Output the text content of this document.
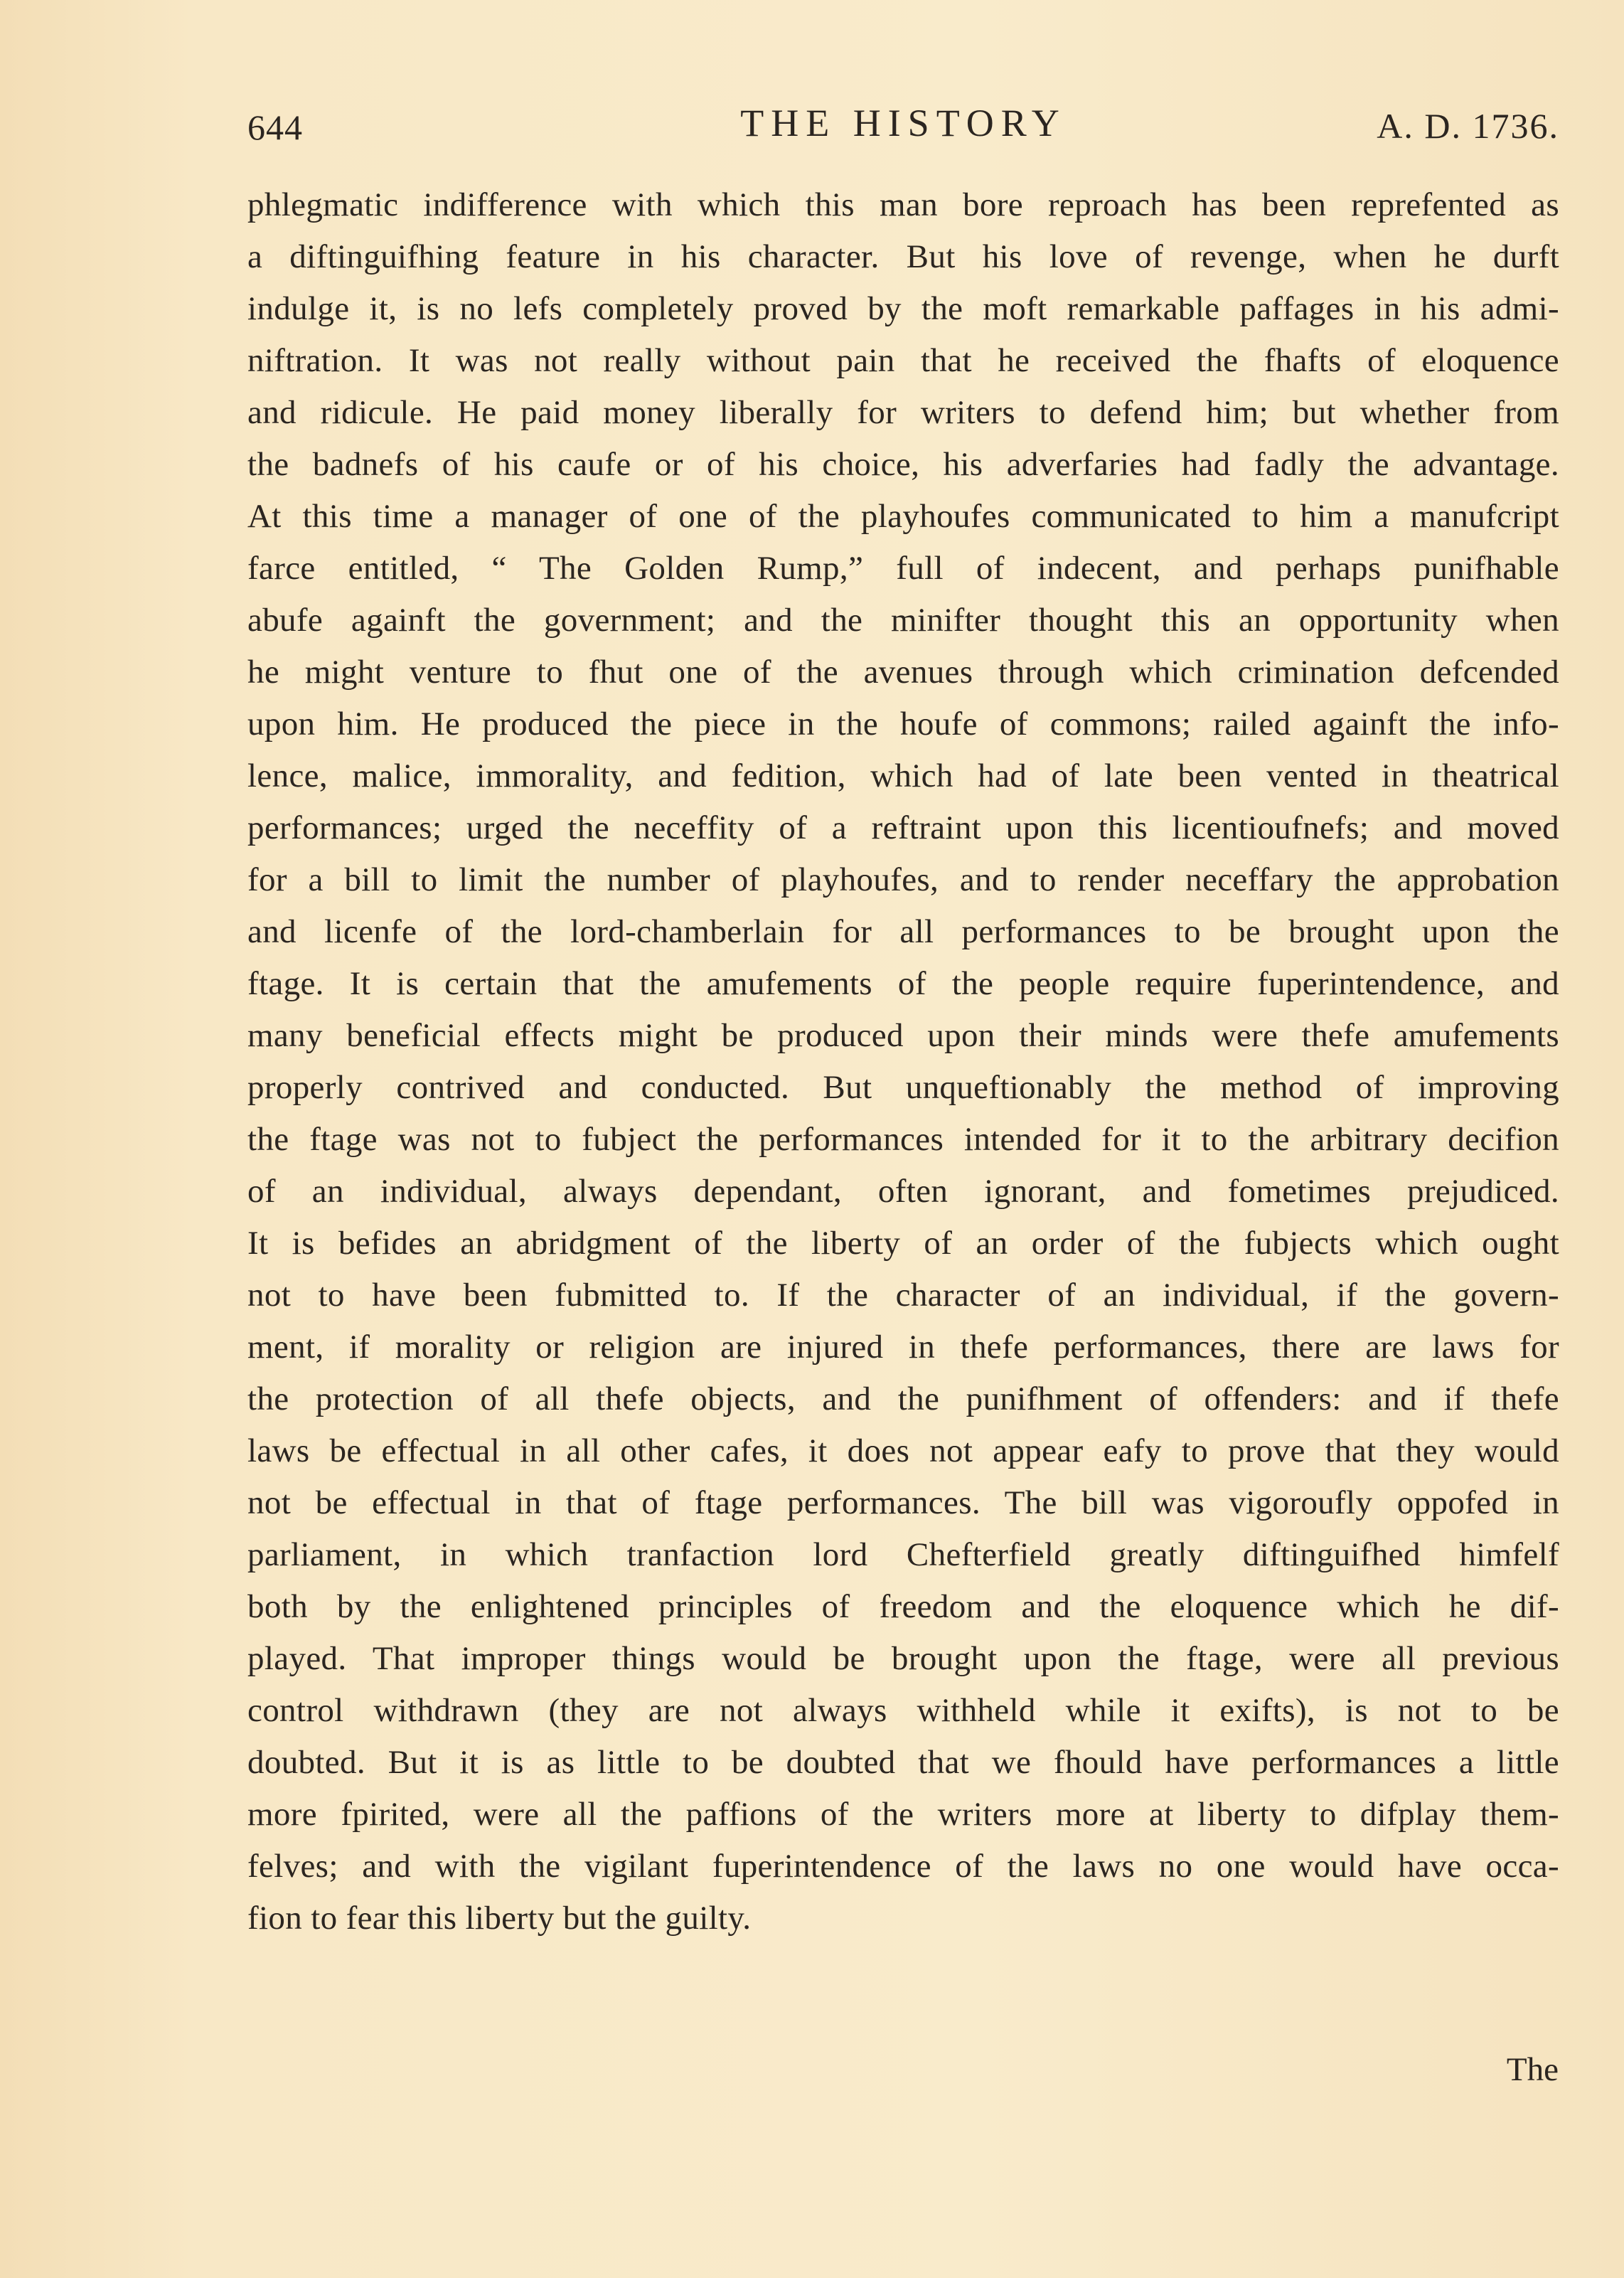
644	THE HISTORY	A. D. 1736.
phlegmatic indifference with which this man bore reproach has been reprefented as
a diftinguifhing feature in his character. But his love of revenge, when he durft
indulge it, is no lefs completely proved by the moft remarkable paffages in his admi-
niftration. It was not really without pain that he received the fhafts of eloquence
and ridicule. He paid money liberally for writers to defend him; but whether from
the badnefs of his caufe or of his choice, his adverfaries had fadly the advantage.
At this time a manager of one of the playhoufes communicated to him a manufcript
farce entitled, “ The Golden Rump,” full of indecent, and perhaps punifhable
abufe againft the government; and the minifter thought this an opportunity when
he might venture to fhut one of the avenues through which crimination defcended
upon him. He produced the piece in the houfe of commons; railed againft the info-
lence, malice, immorality, and fedition, which had of late been vented in theatrical
performances; urged the neceffity of a reftraint upon this licentioufnefs; and moved
for a bill to limit the number of playhoufes, and to render neceffary the approbation
and licenfe of the lord-chamberlain for all performances to be brought upon the
ftage. It is certain that the amufements of the people require fuperintendence, and
many beneficial effects might be produced upon their minds were thefe amufements
properly contrived and conducted. But unqueftionably the method of improving
the ftage was not to fubject the performances intended for it to the arbitrary decifion
of an individual, always dependant, often ignorant, and fometimes prejudiced.
It is befides an abridgment of the liberty of an order of the fubjects which ought
not to have been fubmitted to. If the character of an individual, if the govern-
ment, if morality or religion are injured in thefe performances, there are laws for
the protection of all thefe objects, and the punifhment of offenders: and if thefe
laws be effectual in all other cafes, it does not appear eafy to prove that they would
not be effectual in that of ftage performances. The bill was vigoroufly oppofed in
parliament, in which tranfaction lord Chefterfield greatly diftinguifhed himfelf
both by the enlightened principles of freedom and the eloquence which he dif-
played. That improper things would be brought upon the ftage, were all previous
control withdrawn (they are not always withheld while it exifts), is not to be
doubted. But it is as little to be doubted that we fhould have performances a little
more fpirited, were all the paffions of the writers more at liberty to difplay them-
felves; and with the vigilant fuperintendence of the laws no one would have occa-
fion to fear this liberty but the guilty.
The
